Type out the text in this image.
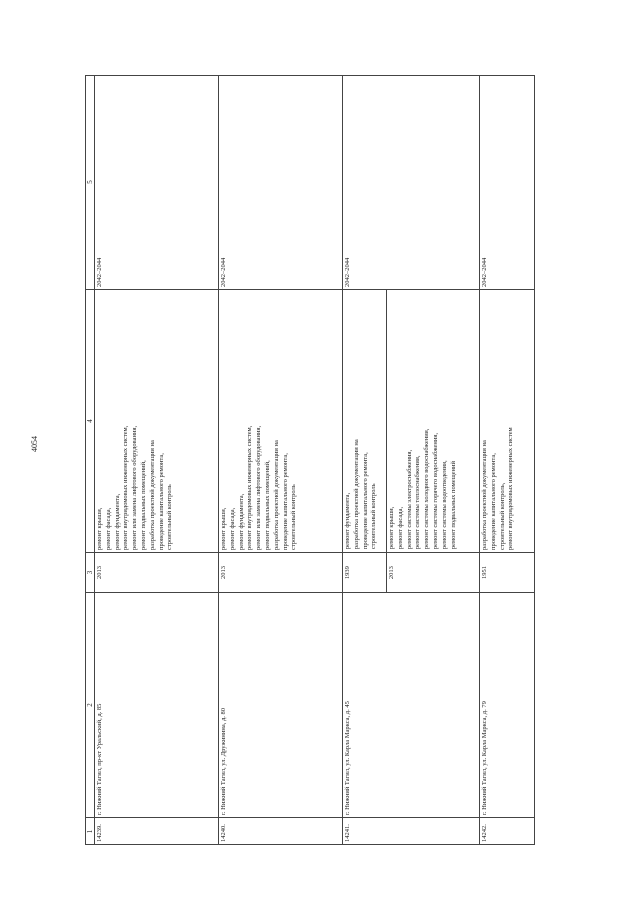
4054
1
2
3
4
5
14239.
г. Нижний Тагил, пр-кт Уральский, д. 85
2013
ремонт крыши, ремонт фасада, ремонт фундамента, ремонт внутридомовых инженерных систем, ремонт или замена лифтового оборудования, ремонт подвальных помещений, разработка проектной документации на проведение капитального ремонта, строительный контроль
2042–2044
14240.
г. Нижний Тагил, ул. Дружинина, д. 80
2013
ремонт крыши, ремонт фасада, ремонт фундамента, ремонт внутридомовых инженерных систем, ремонт или замена лифтового оборудования, ремонт подвальных помещений, разработка проектной документации на проведение капитального ремонта, строительный контроль
2042–2044
14241.
г. Нижний Тагил, ул. Карла Маркса, д. 45
1939
ремонт фундамента, разработка проектной документации на проведение капитального ремонта, строительный контроль
2013
ремонт крыши, ремонт фасада, ремонт системы электроснабжения, ремонт системы теплоснабжения, ремонт системы холодного водоснабжения, ремонт системы горячего водоснабжения, ремонт системы водоотведения, ремонт подвальных помещений
2042–2044
14242.
г. Нижний Тагил, ул. Карла Маркса, д. 79
1951
разработка проектной документации на проведение капитального ремонта, строительный контроль, ремонт внутридомовых инженерных систем
2042–2044
